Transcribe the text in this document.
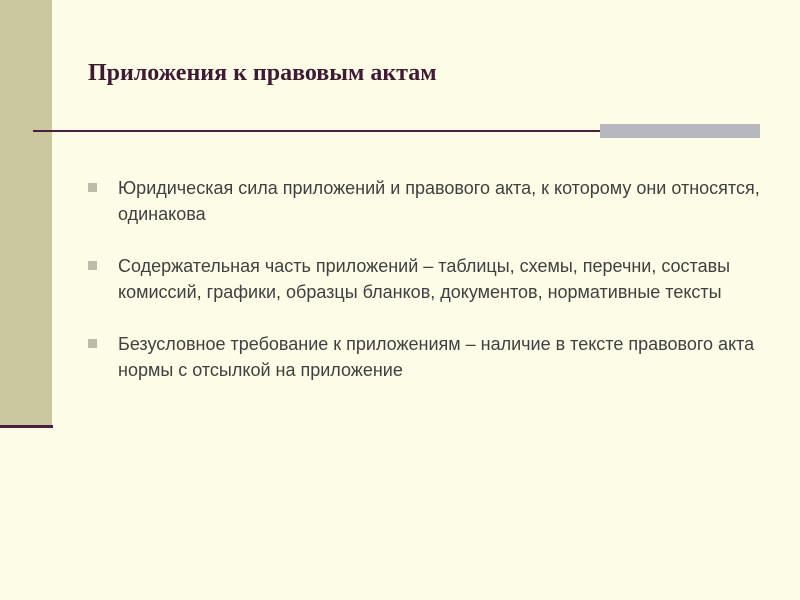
Приложения к правовым актам
Юридическая сила приложений и правового акта, к которому они относятся, одинакова
Содержательная часть приложений – таблицы, схемы, перечни, составы комиссий, графики, образцы бланков, документов, нормативные тексты
Безусловное требование к приложениям – наличие в тексте правового акта нормы с отсылкой на приложение
